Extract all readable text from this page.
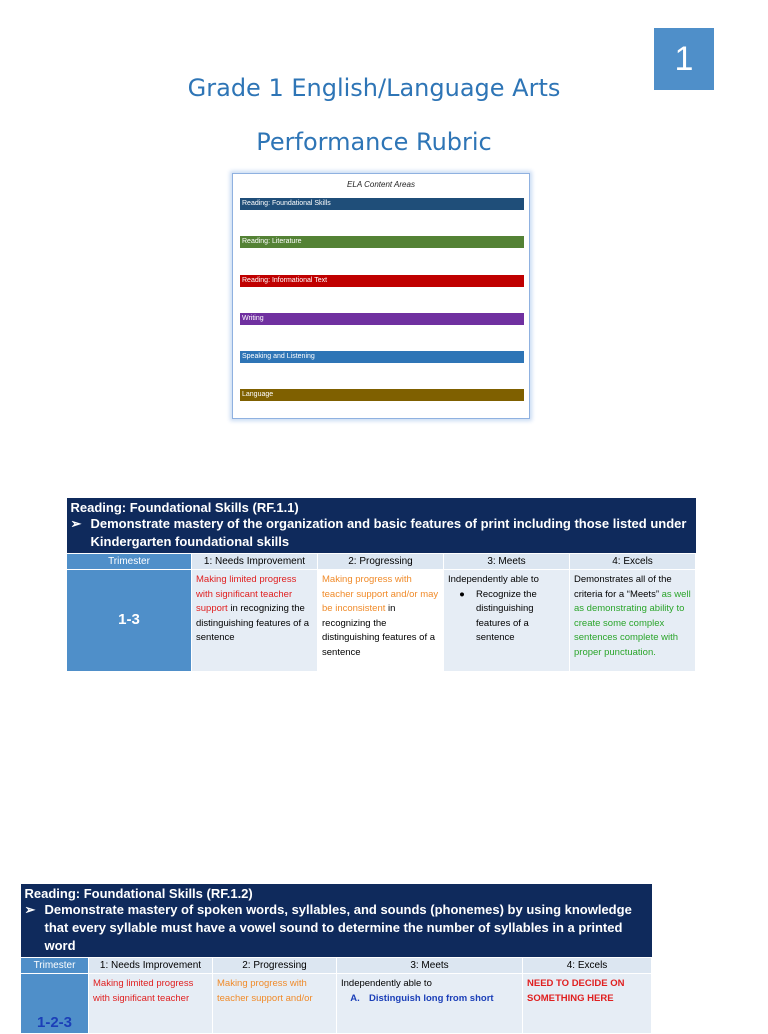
1
Grade 1 English/Language Arts
Performance Rubric
ELA Content Areas
Reading: Foundational Skills
Reading: Literature
Reading: Informational Text
Writing
Speaking and Listening
Language
Reading: Foundational Skills (RF.1.1)
➢ Demonstrate mastery of the organization and basic features of print including those listed under Kindergarten foundational skills				

Trimester	1: Needs Improvement	2: Progressing	3: Meets	4: Excels
1-3	Making limited progress with significant teacher support in recognizing the distinguishing features of a sentence	Making progress with teacher support and/or may be inconsistent in recognizing the distinguishing features of a sentence	Independently able to
● Recognize the distinguishing features of a sentence	Demonstrates all of the criteria for a “Meets” as well as demonstrating ability to create some complex sentences complete with proper punctuation.
Reading: Foundational Skills (RF.1.2)
➢ Demonstrate mastery of spoken words, syllables, and sounds (phonemes) by using knowledge that every syllable must have a vowel sound to determine the number of syllables in a printed word				

Trimester	1: Needs Improvement	2: Progressing	3: Meets	4: Excels
1-2-3	Making limited progress with significant teacher	Making progress with teacher support and/or	Independently able to
A. Distinguish long from short	NEED TO DECIDE ON SOMETHING HERE
